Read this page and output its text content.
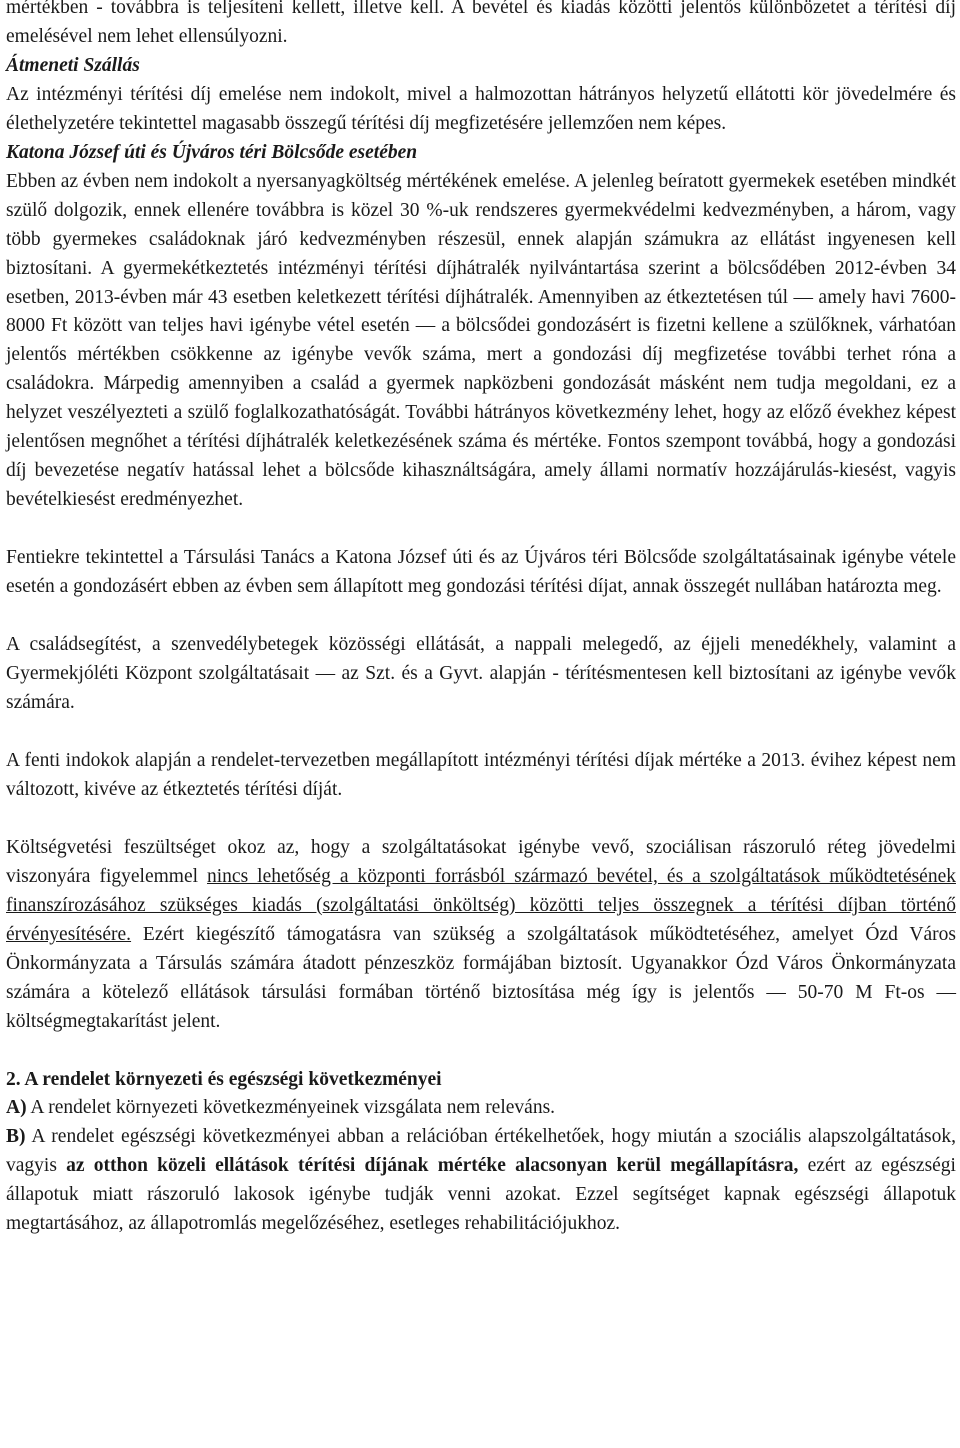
mértékben - továbbra is teljesíteni kellett, illetve kell. A bevétel és kiadás közötti jelentős különbözetet a térítési díj emelésével nem lehet ellensúlyozni.

Átmeneti Szállás

Az intézményi térítési díj emelése nem indokolt, mivel a halmozottan hátrányos helyzetű ellátotti kör jövedelmére és élethelyzetére tekintettel magasabb összegű térítési díj megfizetésére jellemzően nem képes.

Katona József úti és Újváros téri Bölcsőde esetében

Ebben az évben nem indokolt a nyersanyagköltség mértékének emelése. A jelenleg beíratott gyermekek esetében mindkét szülő dolgozik, ennek ellenére továbbra is közel 30 %-uk rendszeres gyermekvédelmi kedvezményben, a három, vagy több gyermekes családoknak járó kedvezményben részesül, ennek alapján számukra az ellátást ingyenesen kell biztosítani. A gyermekétkeztetés intézményi térítési díjhátralék nyilvántartása szerint a bölcsődében 2012-évben 34 esetben, 2013-évben már 43 esetben keletkezett térítési díjhátralék. Amennyiben az étkeztetésen túl — amely havi 7600-8000 Ft között van teljes havi igénybe vétel esetén — a bölcsődei gondozásért is fizetni kellene a szülőknek, várhatóan jelentős mértékben csökkenne az igénybe vevők száma, mert a gondozási díj megfizetése további terhet róna a családokra. Márpedig amennyiben a család a gyermek napközbeni gondozását másként nem tudja megoldani, ez a helyzet veszélyezteti a szülő foglalkozathatóságát. További hátrányos következmény lehet, hogy az előző évekhez képest jelentősen megnőhet a térítési díjhátralék keletkezésének száma és mértéke. Fontos szempont továbbá, hogy a gondozási díj bevezetése negatív hatással lehet a bölcsőde kihasználtságára, amely állami normatív hozzájárulás-kiesést, vagyis bevételkiesést eredményezhet.

Fentiekre tekintettel a Társulási Tanács a Katona József úti és az Újváros téri Bölcsőde szolgáltatásainak igénybe vétele esetén a gondozásért ebben az évben sem állapított meg gondozási térítési díjat, annak összegét nullában határozta meg.

A családsegítést, a szenvedélybetegek közösségi ellátását, a nappali melegedő, az éjjeli menedékhely, valamint a Gyermekjóléti Központ szolgáltatásait — az Szt. és a Gyvt. alapján - térítésmentesen kell biztosítani az igénybe vevők számára.

A fenti indokok alapján a rendelet-tervezetben megállapított intézményi térítési díjak mértéke a 2013. évihez képest nem változott, kivéve az étkeztetés térítési díját.

Költségvetési feszültséget okoz az, hogy a szolgáltatásokat igénybe vevő, szociálisan rászoruló réteg jövedelmi viszonyára figyelemmel nincs lehetőség a központi forrásból származó bevétel, és a szolgáltatások működtetésének finanszírozásához szükséges kiadás (szolgáltatási önköltség) közötti teljes összegnek a térítési díjban történő érvényesítésére. Ezért kiegészítő támogatásra van szükség a szolgáltatások működtetéséhez, amelyet Ózd Város Önkormányzata a Társulás számára átadott pénzeszköz formájában biztosít. Ugyanakkor Ózd Város Önkormányzata számára a kötelező ellátások társulási formában történő biztosítása még így is jelentős — 50-70 M Ft-os — költségmegtakarítást jelent.

2. A rendelet környezeti és egészségi következményei

A) A rendelet környezeti következményeinek vizsgálata nem releváns.

B) A rendelet egészségi következményei abban a relációban értékelhetőek, hogy miután a szociális alapszolgáltatások, vagyis az otthon közeli ellátások térítési díjának mértéke alacsonyan kerül megállapításra, ezért az egészségi állapotuk miatt rászoruló lakosok igénybe tudják venni azokat. Ezzel segítséget kapnak egészségi állapotuk megtartásához, az állapotromlás megelőzéséhez, esetleges rehabilitációjukhoz.
